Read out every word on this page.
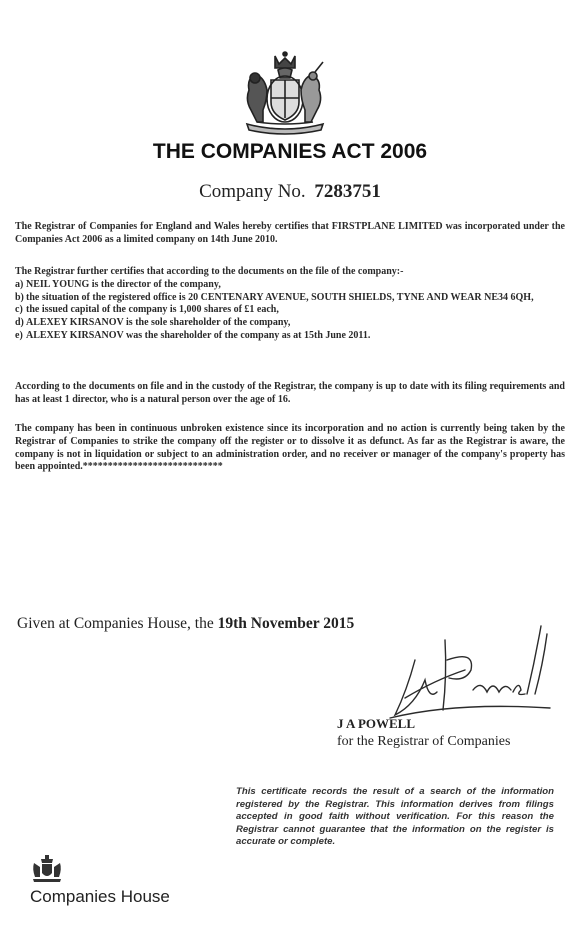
THE COMPANIES ACT 2006
Company No. 7283751
The Registrar of Companies for England and Wales hereby certifies that FIRSTPLANE LIMITED was incorporated under the Companies Act 2006 as a limited company on 14th June 2010.
The Registrar further certifies that according to the documents on the file of the company:-
a) NEIL YOUNG is the director of the company,
b) the situation of the registered office is 20 CENTENARY AVENUE, SOUTH SHIELDS, TYNE AND WEAR NE34 6QH,
c) the issued capital of the company is 1,000 shares of £1 each,
d) ALEXEY KIRSANOV is the sole shareholder of the company,
e) ALEXEY KIRSANOV was the shareholder of the company as at 15th June 2011.
According to the documents on file and in the custody of the Registrar, the company is up to date with its filing requirements and has at least 1 director, who is a natural person over the age of 16.
The company has been in continuous unbroken existence since its incorporation and no action is currently being taken by the Registrar of Companies to strike the company off the register or to dissolve it as defunct. As far as the Registrar is aware, the company is not in liquidation or subject to an administration order, and no receiver or manager of the company's property has been appointed.****************************
Given at Companies House, the 19th November 2015
J A POWELL
for the Registrar of Companies
This certificate records the result of a search of the information registered by the Registrar. This information derives from filings accepted in good faith without verification. For this reason the Registrar cannot guarantee that the information on the register is accurate or complete.
Companies House
